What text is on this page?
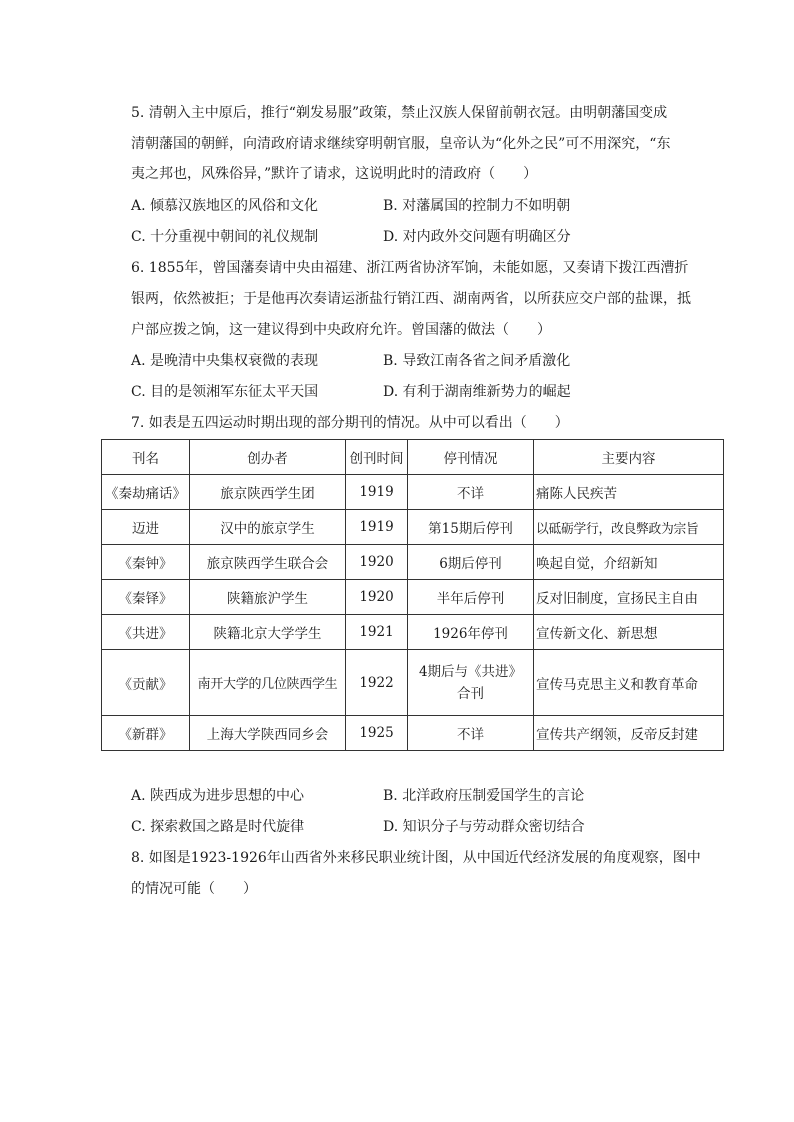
5. 清朝入主中原后，推行“剃发易服”政策，禁止汉族人保留前朝衣冠。由明朝藩国变成
清朝藩国的朝鲜，向清政府请求继续穿明朝官服，皇帝认为“化外之民”可不用深究，“东
夷之邦也，风殊俗异，”默许了请求，这说明此时的清政府（　　）
A. 倾慕汉族地区的风俗和文化	B. 对藩属国的控制力不如明朝
C. 十分重视中朝间的礼仪规制	D. 对内政外交问题有明确区分
6. 1855年，曾国藩奏请中央由福建、浙江两省协济军饷，未能如愿，又奏请下拨江西漕折
银两，依然被拒；于是他再次奏请运浙盐行销江西、湖南两省，以所获应交户部的盐课，抵
户部应拨之饷，这一建议得到中央政府允许。曾国藩的做法（　　）
A. 是晚清中央集权衰微的表现	B. 导致江南各省之间矛盾激化
C. 目的是领湘军东征太平天国	D. 有利于湖南维新势力的崛起
7. 如表是五四运动时期出现的部分期刊的情况。从中可以看出（　　）
刊名	创办者	创刊时间	停刊情况	主要内容
《秦劫痛话》	旅京陕西学生团	1919	不详	痛陈人民疾苦
迈进	汉中的旅京学生	1919	第15期后停刊	以砥砺学行，改良弊政为宗旨
《秦钟》	旅京陕西学生联合会	1920	6期后停刊	唤起自觉，介绍新知
《秦铎》	陕籍旅沪学生	1920	半年后停刊	反对旧制度，宣扬民主自由
《共进》	陕籍北京大学学生	1921	1926年停刊	宣传新文化、新思想
《贡献》	南开大学的几位陕西学生	1922	4期后与《共进》合刊	宣传马克思主义和教育革命
《新群》	上海大学陕西同乡会	1925	不详	宣传共产纲领，反帝反封建
A. 陕西成为进步思想的中心	B. 北洋政府压制爱国学生的言论
C. 探索救国之路是时代旋律	D. 知识分子与劳动群众密切结合
8. 如图是1923-1926年山西省外来移民职业统计图，从中国近代经济发展的角度观察，图中
的情况可能（　　）
